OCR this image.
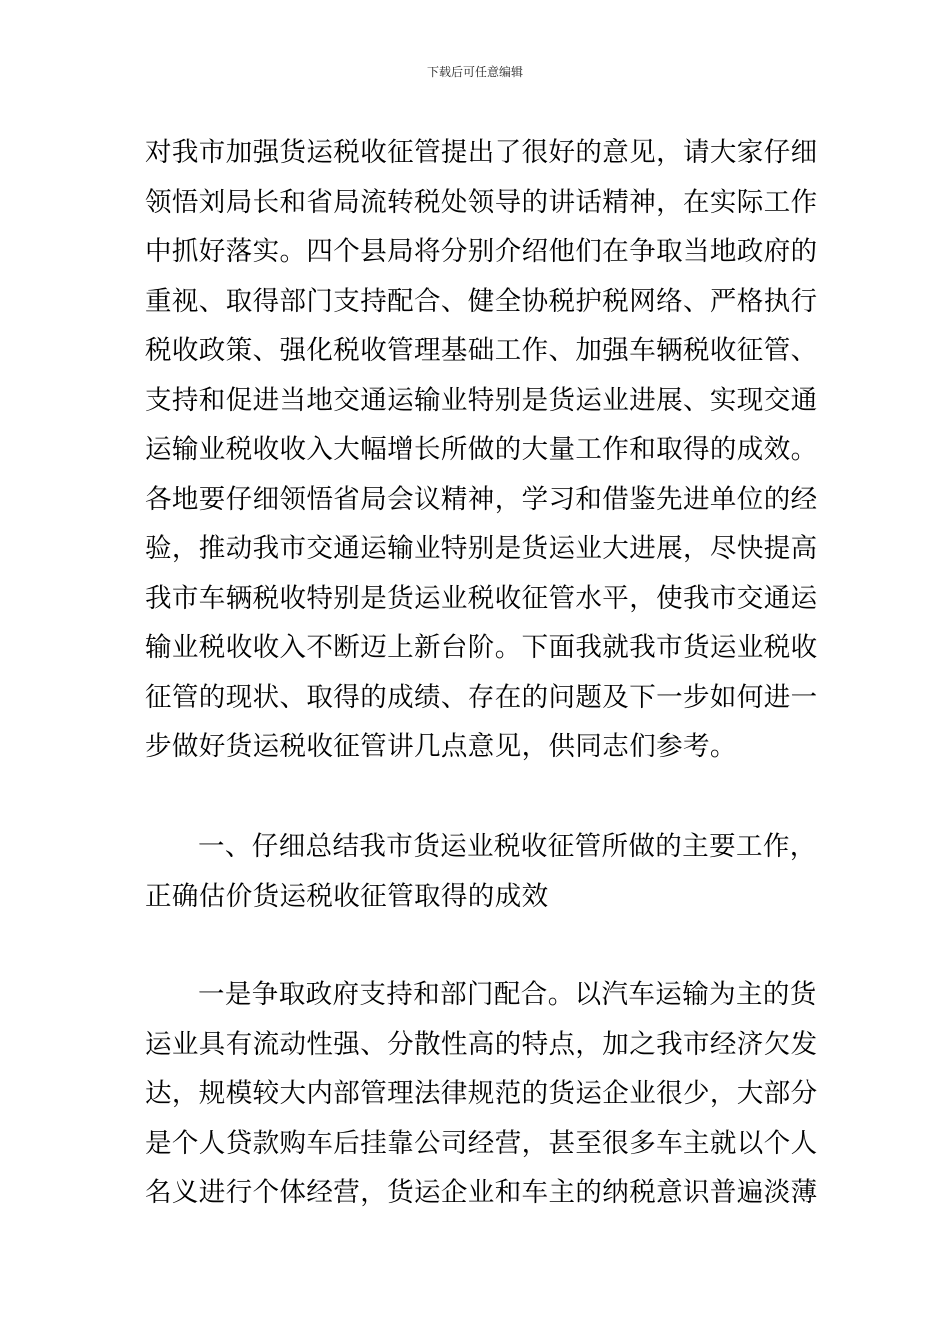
下载后可任意编辑
对我市加强货运税收征管提出了很好的意见，请大家仔细
领悟刘局长和省局流转税处领导的讲话精神，在实际工作
中抓好落实。四个县局将分别介绍他们在争取当地政府的
重视、取得部门支持配合、健全协税护税网络、严格执行
税收政策、强化税收管理基础工作、加强车辆税收征管、
支持和促进当地交通运输业特别是货运业进展、实现交通
运输业税收收入大幅增长所做的大量工作和取得的成效。
各地要仔细领悟省局会议精神，学习和借鉴先进单位的经
验，推动我市交通运输业特别是货运业大进展，尽快提高
我市车辆税收特别是货运业税收征管水平，使我市交通运
输业税收收入不断迈上新台阶。下面我就我市货运业税收
征管的现状、取得的成绩、存在的问题及下一步如何进一
步做好货运税收征管讲几点意见，供同志们参考。
一、仔细总结我市货运业税收征管所做的主要工作，
正确估价货运税收征管取得的成效
一是争取政府支持和部门配合。以汽车运输为主的货
运业具有流动性强、分散性高的特点，加之我市经济欠发
达，规模较大内部管理法律规范的货运企业很少，大部分
是个人贷款购车后挂靠公司经营，甚至很多车主就以个人
名义进行个体经营，货运企业和车主的纳税意识普遍淡薄
